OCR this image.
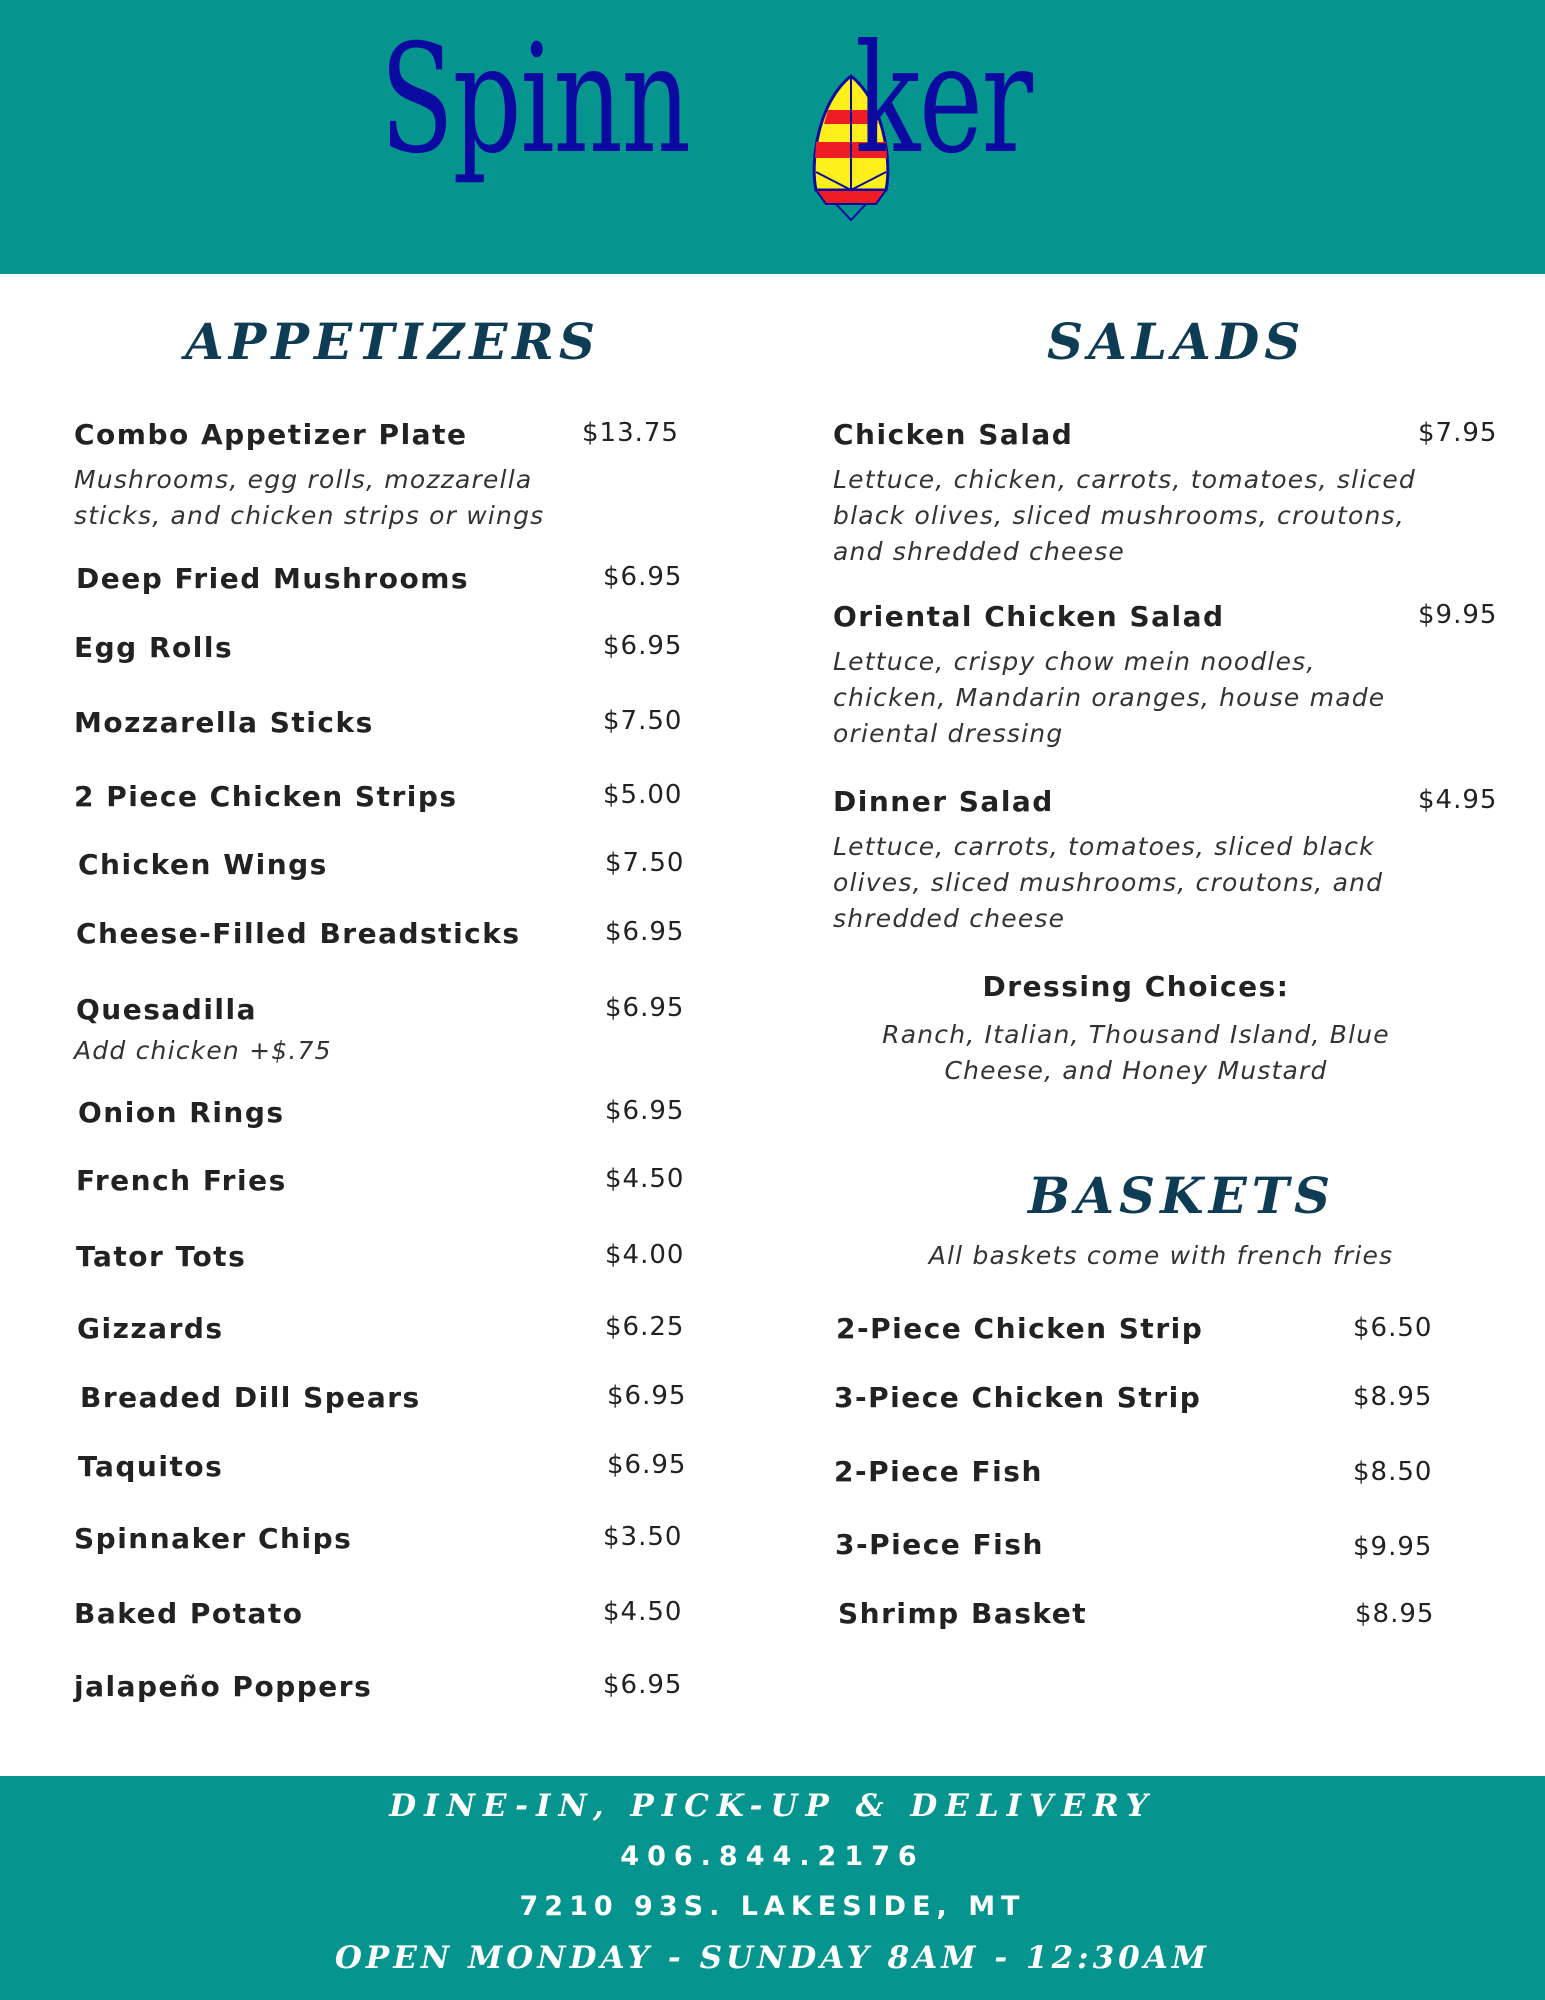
Spinn ker
APPETIZERS
Combo Appetizer Plate	$13.75
Mushrooms, egg rolls, mozzarella sticks, and chicken strips or wings
Deep Fried Mushrooms	$6.95
Egg Rolls	$6.95
Mozzarella Sticks	$7.50
2 Piece Chicken Strips	$5.00
Chicken Wings	$7.50
Cheese-Filled Breadsticks	$6.95
Quesadilla	$6.95
Add chicken +$.75
Onion Rings	$6.95
French Fries	$4.50
Tator Tots	$4.00
Gizzards	$6.25
Breaded Dill Spears	$6.95
Taquitos	$6.95
Spinnaker Chips	$3.50
Baked Potato	$4.50
jalapeño Poppers	$6.95
SALADS
Chicken Salad	$7.95
Lettuce, chicken, carrots, tomatoes, sliced black olives, sliced mushrooms, croutons, and shredded cheese
Oriental Chicken Salad	$9.95
Lettuce, crispy chow mein noodles, chicken, Mandarin oranges, house made oriental dressing
Dinner Salad	$4.95
Lettuce, carrots, tomatoes, sliced black olives, sliced mushrooms, croutons, and shredded cheese
Dressing Choices:
Ranch, Italian, Thousand Island, Blue Cheese, and Honey Mustard
BASKETS
All baskets come with french fries
2-Piece Chicken Strip	$6.50
3-Piece Chicken Strip	$8.95
2-Piece Fish	$8.50
3-Piece Fish	$9.95
Shrimp Basket	$8.95
DINE-IN, PICK-UP & DELIVERY
406.844.2176
7210 93S. LAKESIDE, MT
OPEN MONDAY - SUNDAY 8AM - 12:30AM
